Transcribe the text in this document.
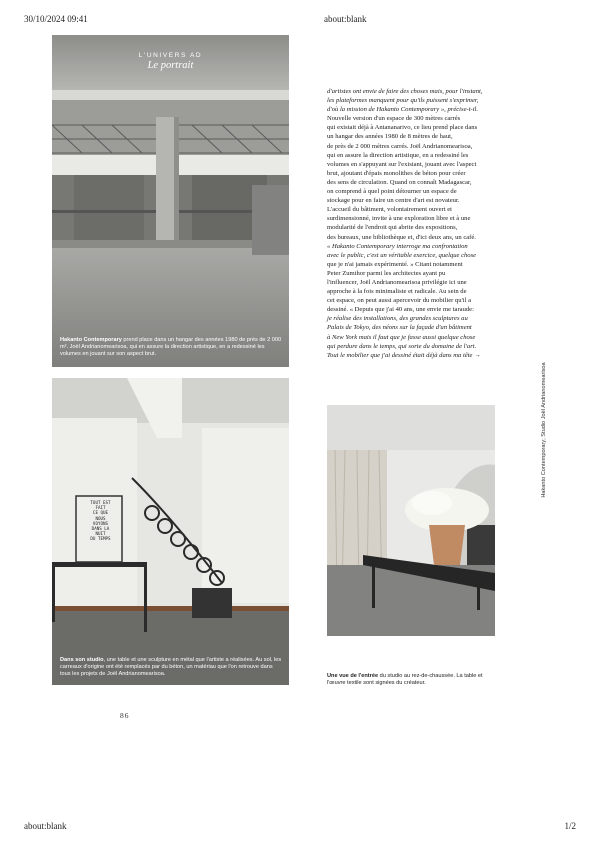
30/10/2024 09:41	about:blank
L'UNIVERS AD
Le portrait
Hakanto Contemporary prend place dans un hangar des années 1980 de près de 2 000 m². Joël Andrianomearisoa, qui en assure la direction artistique, en a redessiné les volumes en jouant sur son aspect brut.
Dans son studio, une table et une sculpture en métal que l'artiste a réalisées. Au sol, les carreaux d'origine ont été remplacés par du béton, un matériau que l'on retrouve dans tous les projets de Joël Andrianomearisoa.
TOUT EST
FAIT
CE QUE
NOUS
VOYONS
DANS LA
NUIT
DU TEMPS
Une vue de l'entrée du studio au rez-de-chaussée. La table et l'œuvre textile sont signées du créateur.
86
Hakanto Contemporary; Studio Joël Andrianomearisoa
d'artistes ont envie de faire des choses mais, pour l'instant,
les plateformes manquent pour qu'ils puissent s'exprimer,
d'où la mission de Hakanto Contemporary », précise-t-il.
Nouvelle version d'un espace de 300 mètres carrés
qui existait déjà à Antananarivo, ce lieu prend place dans
un hangar des années 1980 de 8 mètres de haut,
de près de 2 000 mètres carrés. Joël Andrianomearisoa,
qui en assure la direction artistique, en a redessiné les
volumes en s'appuyant sur l'existant, jouant avec l'aspect
brut, ajoutant d'épais monolithes de béton pour créer
des sens de circulation. Quand on connaît Madagascar,
on comprend à quel point détourner un espace de
stockage pour en faire un centre d'art est novateur.
L'accueil du bâtiment, volontairement ouvert et
surdimensionné, invite à une exploration libre et à une
modularité de l'endroit qui abrite des expositions,
des bureaux, une bibliothèque et, d'ici deux ans, un café.
« Hakanto Contemporary interroge ma confrontation
avec le public, c'est un véritable exercice, quelque chose
que je n'ai jamais expérimenté. » Citant notamment
Peter Zumthor parmi les architectes ayant pu
l'influencer, Joël Andrianomearisoa privilégie ici une
approche à la fois minimaliste et radicale. Au sein de
cet espace, on peut aussi apercevoir du mobilier qu'il a
dessiné. « Depuis que j'ai 40 ans, une envie me taraude:
je réalise des installations, des grandes sculptures au
Palais de Tokyo, des néons sur la façade d'un bâtiment
à New York mais il faut que je fasse aussi quelque chose
qui perdure dans le temps, qui sorte du domaine de l'art.
Tout le mobilier que j'ai dessiné était déjà dans ma tête →
about:blank	1/2
